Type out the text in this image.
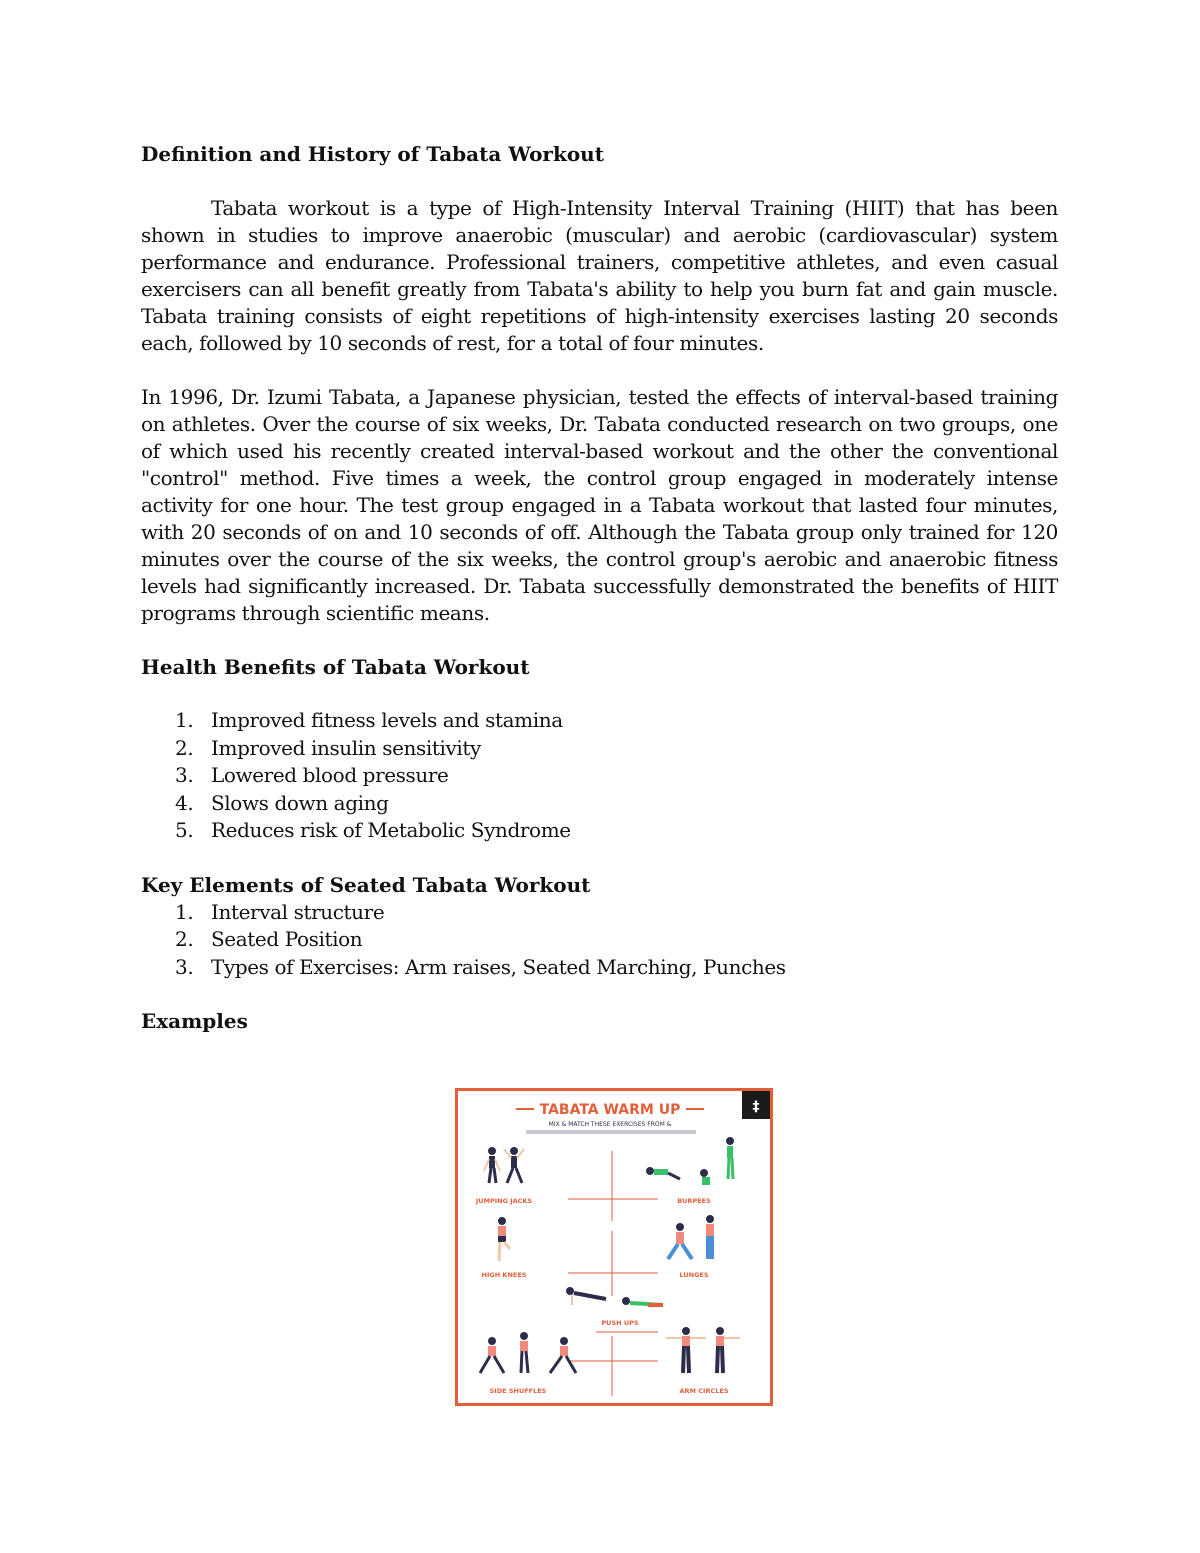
Definition and History of Tabata Workout

Tabata workout is a type of High-Intensity Interval Training (HIIT) that has been shown in studies to improve anaerobic (muscular) and aerobic (cardiovascular) system performance and endurance. Professional trainers, competitive athletes, and even casual exercisers can all benefit greatly from Tabata's ability to help you burn fat and gain muscle. Tabata training consists of eight repetitions of high-intensity exercises lasting 20 seconds each, followed by 10 seconds of rest, for a total of four minutes.

In 1996, Dr. Izumi Tabata, a Japanese physician, tested the effects of interval-based training on athletes. Over the course of six weeks, Dr. Tabata conducted research on two groups, one of which used his recently created interval-based workout and the other the conventional "control" method. Five times a week, the control group engaged in moderately intense activity for one hour. The test group engaged in a Tabata workout that lasted four minutes, with 20 seconds of on and 10 seconds of off. Although the Tabata group only trained for 120 minutes over the course of the six weeks, the control group's aerobic and anaerobic fitness levels had significantly increased. Dr. Tabata successfully demonstrated the benefits of HIIT programs through scientific means.

Health Benefits of Tabata Workout
1. Improved fitness levels and stamina
2. Improved insulin sensitivity
3. Lowered blood pressure
4. Slows down aging
5. Reduces risk of Metabolic Syndrome
Key Elements of Seated Tabata Workout
1. Interval structure
2. Seated Position
3. Types of Exercises: Arm raises, Seated Marching, Punches
Examples
‡
TABATA WARM UP
MIX & MATCH THESE EXERCISES FROM &
JUMPING JACKS	BURPEES
HIGH KNEES	LUNGES
PUSH UPS
SIDE SHUFFLES	ARM CIRCLES
